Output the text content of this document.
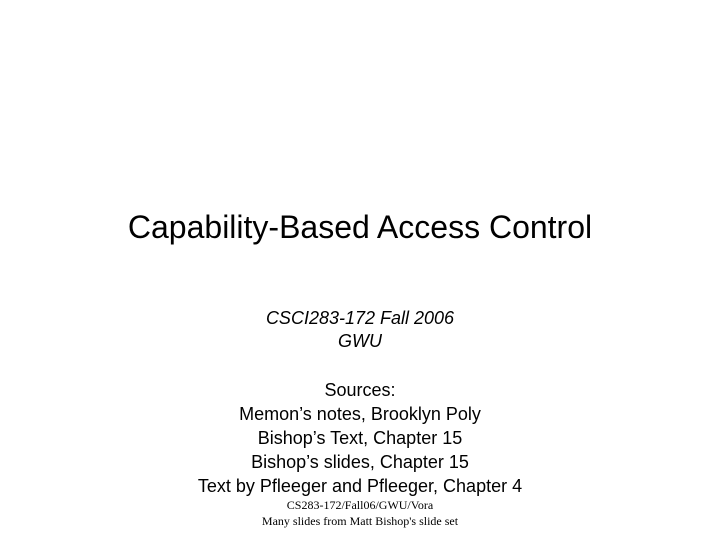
Capability-Based Access Control
CSCI283-172 Fall 2006
GWU
Sources:
Memon’s notes, Brooklyn Poly
Bishop’s Text, Chapter 15
Bishop’s slides, Chapter 15
Text by Pfleeger and Pfleeger, Chapter 4
CS283-172/Fall06/GWU/Vora
Many slides from Matt Bishop's slide set
